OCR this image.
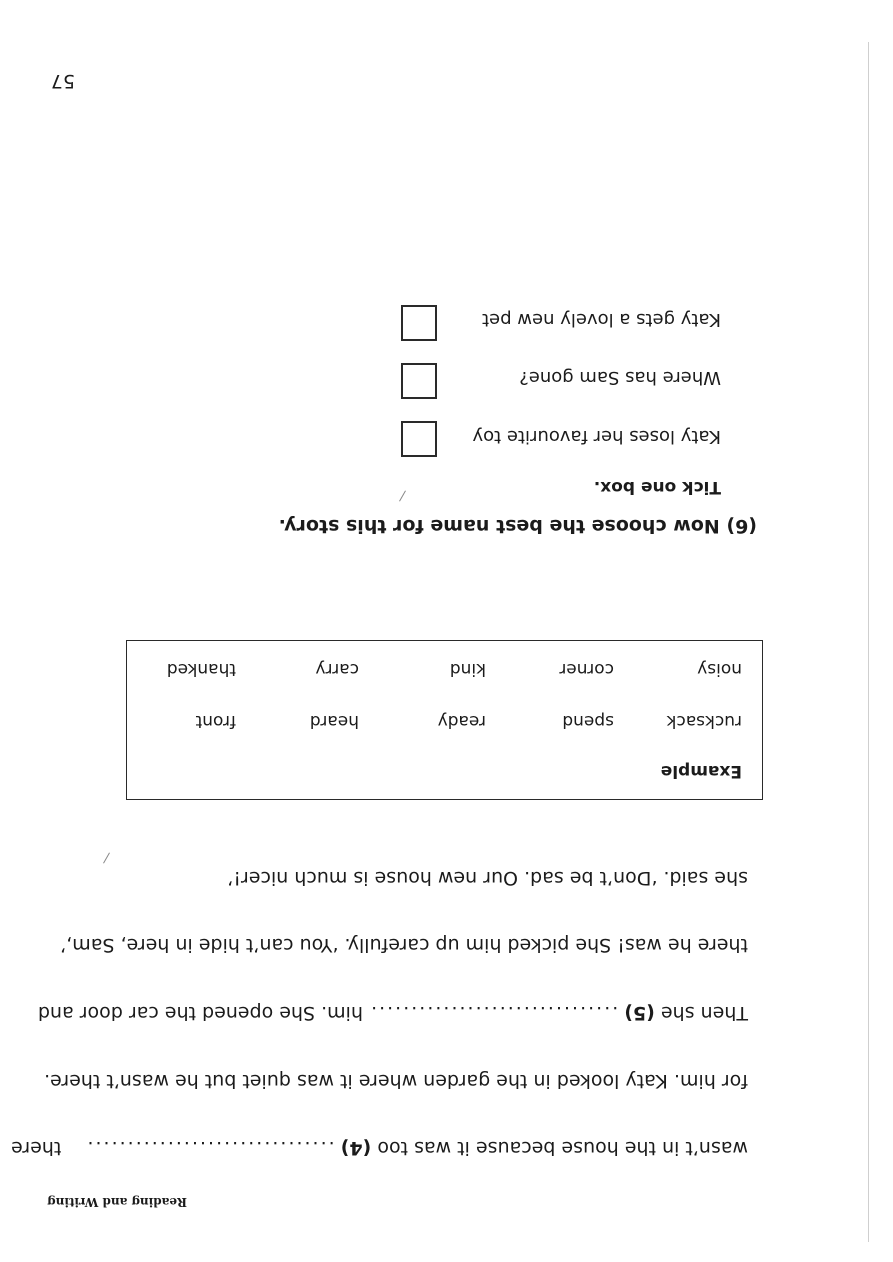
57
Reading and Writing
wasn’t in the house because it was too (4) ............................... there
for him. Katy looked in the garden where it was quiet but he wasn’t there.
Then she (5) ............................... him. She opened the car door and
there he was! She picked him up carefully. ‘You can’t hide in here, Sam,’
she said. ‘Don’t be sad. Our new house is much nicer!’
Example
rucksack
spend
ready
heard
front
noisy
corner
kind
carry
thanked
(6) Now choose the best name for this story.
Tick one box.
Katy loses her favourite toy
Where has Sam gone?
Katy gets a lovely new pet
